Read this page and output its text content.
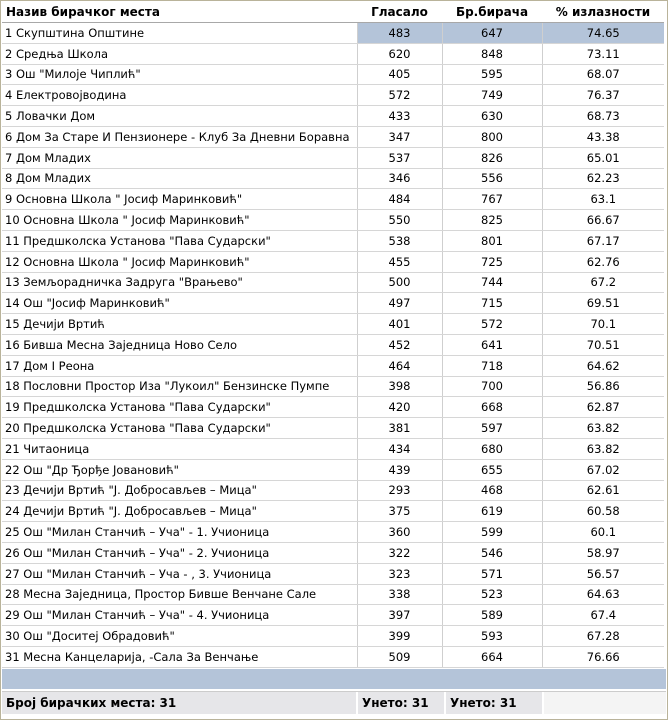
Назив бирачког места	Гласало	Бр.бирача	% излазности
1 Скупштина Општине	483	647	74.65
2 Средња Школа	620	848	73.11
3 Ош "Милоје Чиплић"	405	595	68.07
4 Електровојводина	572	749	76.37
5 Ловачки Дом	433	630	68.73
6 Дом За Старе И Пензионере - Клуб За Дневни Боравна	347	800	43.38
7 Дом Младих	537	826	65.01
8 Дом Младих	346	556	62.23
9 Основна Школа " Јосиф Маринковић"	484	767	63.1
10 Основна Школа " Јосиф Маринковић"	550	825	66.67
11 Предшколска Установа "Пава Сударски"	538	801	67.17
12 Основна Школа " Јосиф Маринковић"	455	725	62.76
13 Земљорадничка Задруга "Врањево"	500	744	67.2
14 Ош "Јосиф Маринковић"	497	715	69.51
15 Дечији Вртић	401	572	70.1
16 Бивша Месна Заједница Ново Село	452	641	70.51
17 Дом I Реона	464	718	64.62
18 Пословни Простор Иза "Лукоил" Бензинске Пумпе	398	700	56.86
19 Предшколска Установа "Пава Сударски"	420	668	62.87
20 Предшколска Установа "Пава Сударски"	381	597	63.82
21 Читаоница	434	680	63.82
22 Ош "Др Ђорђе Јовановић"	439	655	67.02
23 Дечији Вртић "Ј. Добросављев – Мица"	293	468	62.61
24 Дечији Вртић "Ј. Добросављев – Мица"	375	619	60.58
25 Ош "Милан Станчић – Уча" - 1. Учионица	360	599	60.1
26 Ош "Милан Станчић – Уча" - 2. Учионица	322	546	58.97
27 Ош "Милан Станчић – Уча - , 3. Учионица	323	571	56.57
28 Месна Заједница, Простор Бивше Венчане Сале	338	523	64.63
29 Ош "Милан Станчић – Уча" - 4. Учионица	397	589	67.4
30 Ош "Доситеј Обрадовић"	399	593	67.28
31 Месна Канцеларија, -Сала За Венчање	509	664	76.66
Број бирачких места: 31	Унето: 31	Унето: 31
